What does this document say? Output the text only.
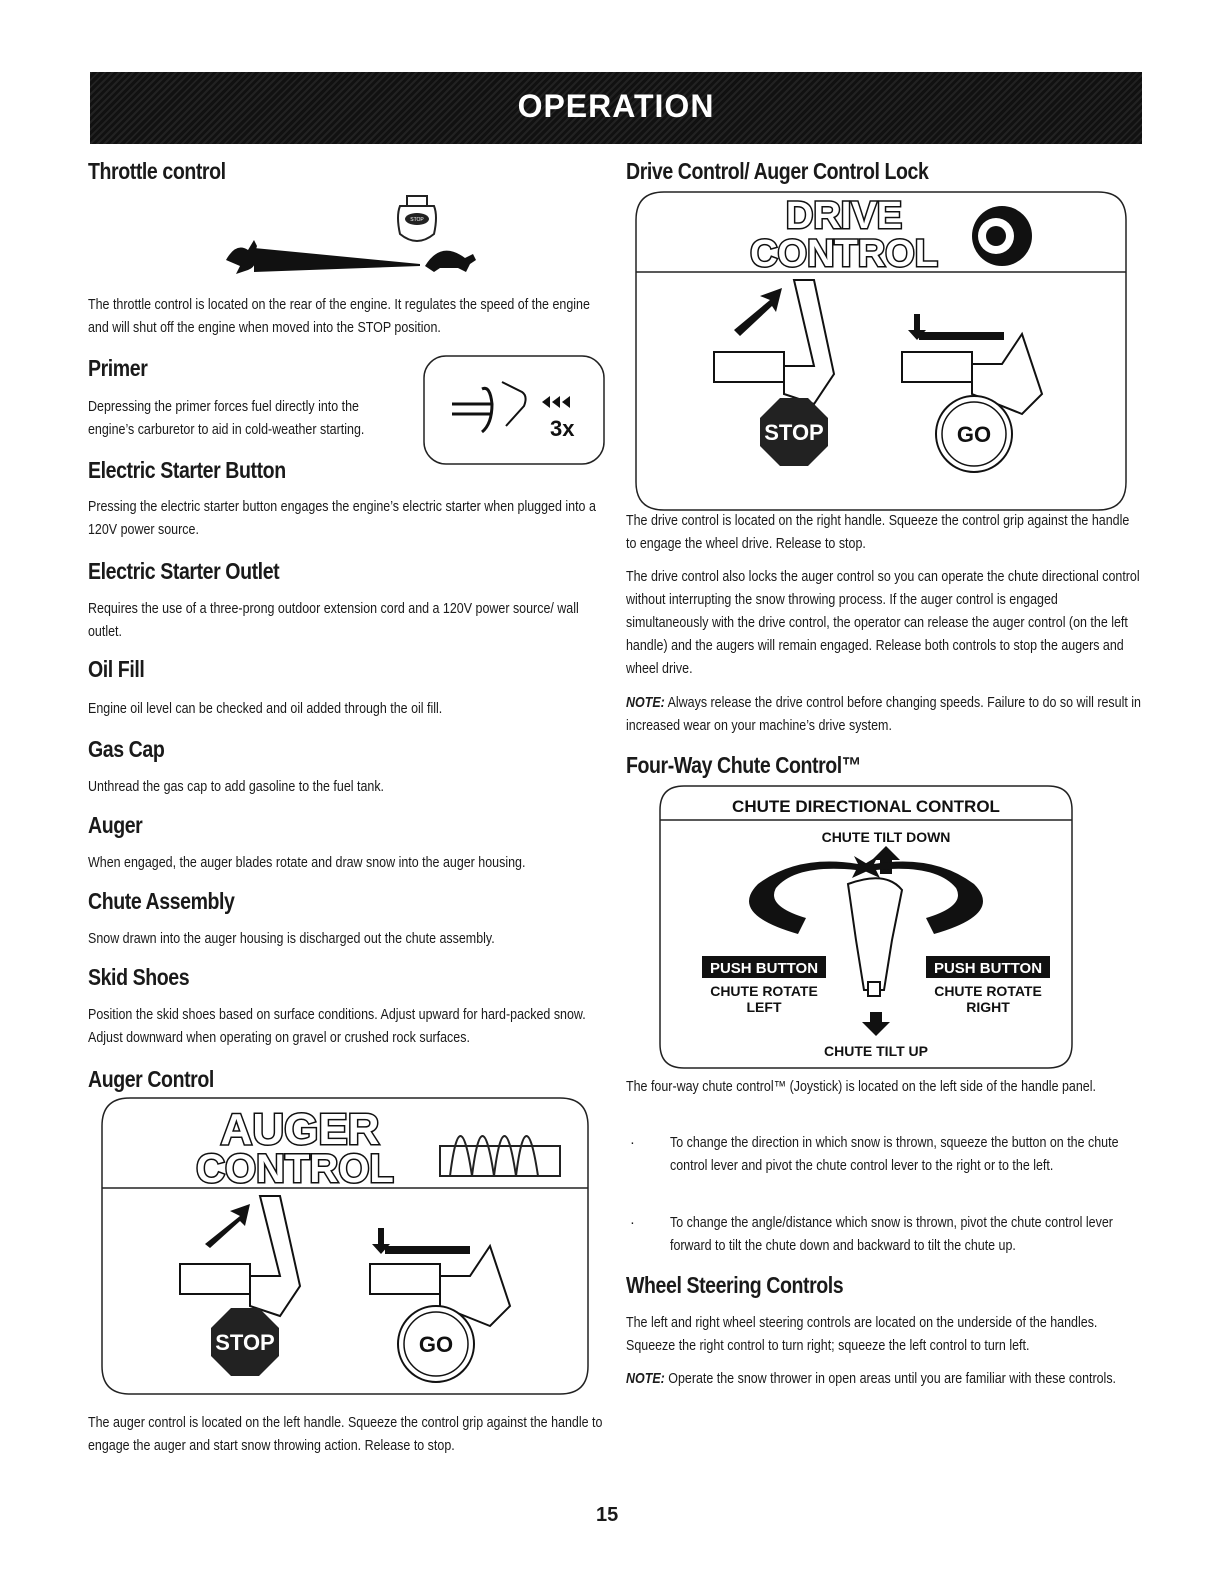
OPERATION
Throttle control
STOP

The throttle control is located on the rear of the engine. It regulates the speed of the engine and will shut off the engine when moved into the STOP position.

Primer

Depressing the primer forces fuel directly into the engine’s carburetor to aid in cold-weather starting.	3x
Electric Starter Button

Pressing the electric starter button engages the engine’s electric starter when plugged into a 120V power source.

Electric Starter Outlet

Requires the use of a three-prong outdoor extension cord and a 120V power source/ wall outlet.

Oil Fill

Engine oil level can be checked and oil added through the oil fill.

Gas Cap

Unthread the gas cap to add gasoline to the fuel tank.

Auger

When engaged, the auger blades rotate and draw snow into the auger housing.

Chute Assembly

Snow drawn into the auger housing is discharged out the chute assembly.

Skid Shoes

Position the skid shoes based on surface conditions. Adjust upward for hard-packed snow. Adjust downward when operating on gravel or crushed rock surfaces.

Auger Control
AUGER
CONTROL
STOP	GO

The auger control is located on the left handle. Squeeze the control grip against the handle to engage the auger and start snow throwing action. Release to stop.

Drive Control/ Auger Control Lock
DRIVE
CONTROL
STOP	GO

The drive control is located on the right handle. Squeeze the control grip against the handle to engage the wheel drive. Release to stop.

The drive control also locks the auger control so you can operate the chute directional control without interrupting the snow throwing process. If the auger control is engaged simultaneously with the drive control, the operator can release the auger control (on the left handle) and the augers will remain engaged. Release both controls to stop the augers and wheel drive.

NOTE: Always release the drive control before changing speeds. Failure to do so will result in increased wear on your machine’s drive system.

Four-Way Chute Control™
CHUTE DIRECTIONAL CONTROL
CHUTE TILT DOWN
PUSH BUTTON
CHUTE ROTATE
LEFT
PUSH BUTTON
CHUTE ROTATE
RIGHT
CHUTE TILT UP

The four-way chute control™ (Joystick) is located on the left side of the handle panel.

· To change the direction in which snow is thrown, squeeze the button on the chute control lever and pivot the chute control lever to the right or to the left.

· To change the angle/distance which snow is thrown, pivot the chute control lever forward to tilt the chute down and backward to tilt the chute up.

Wheel Steering Controls

The left and right wheel steering controls are located on the underside of the handles. Squeeze the right control to turn right; squeeze the left control to turn left.

NOTE: Operate the snow thrower in open areas until you are familiar with these controls.

15
